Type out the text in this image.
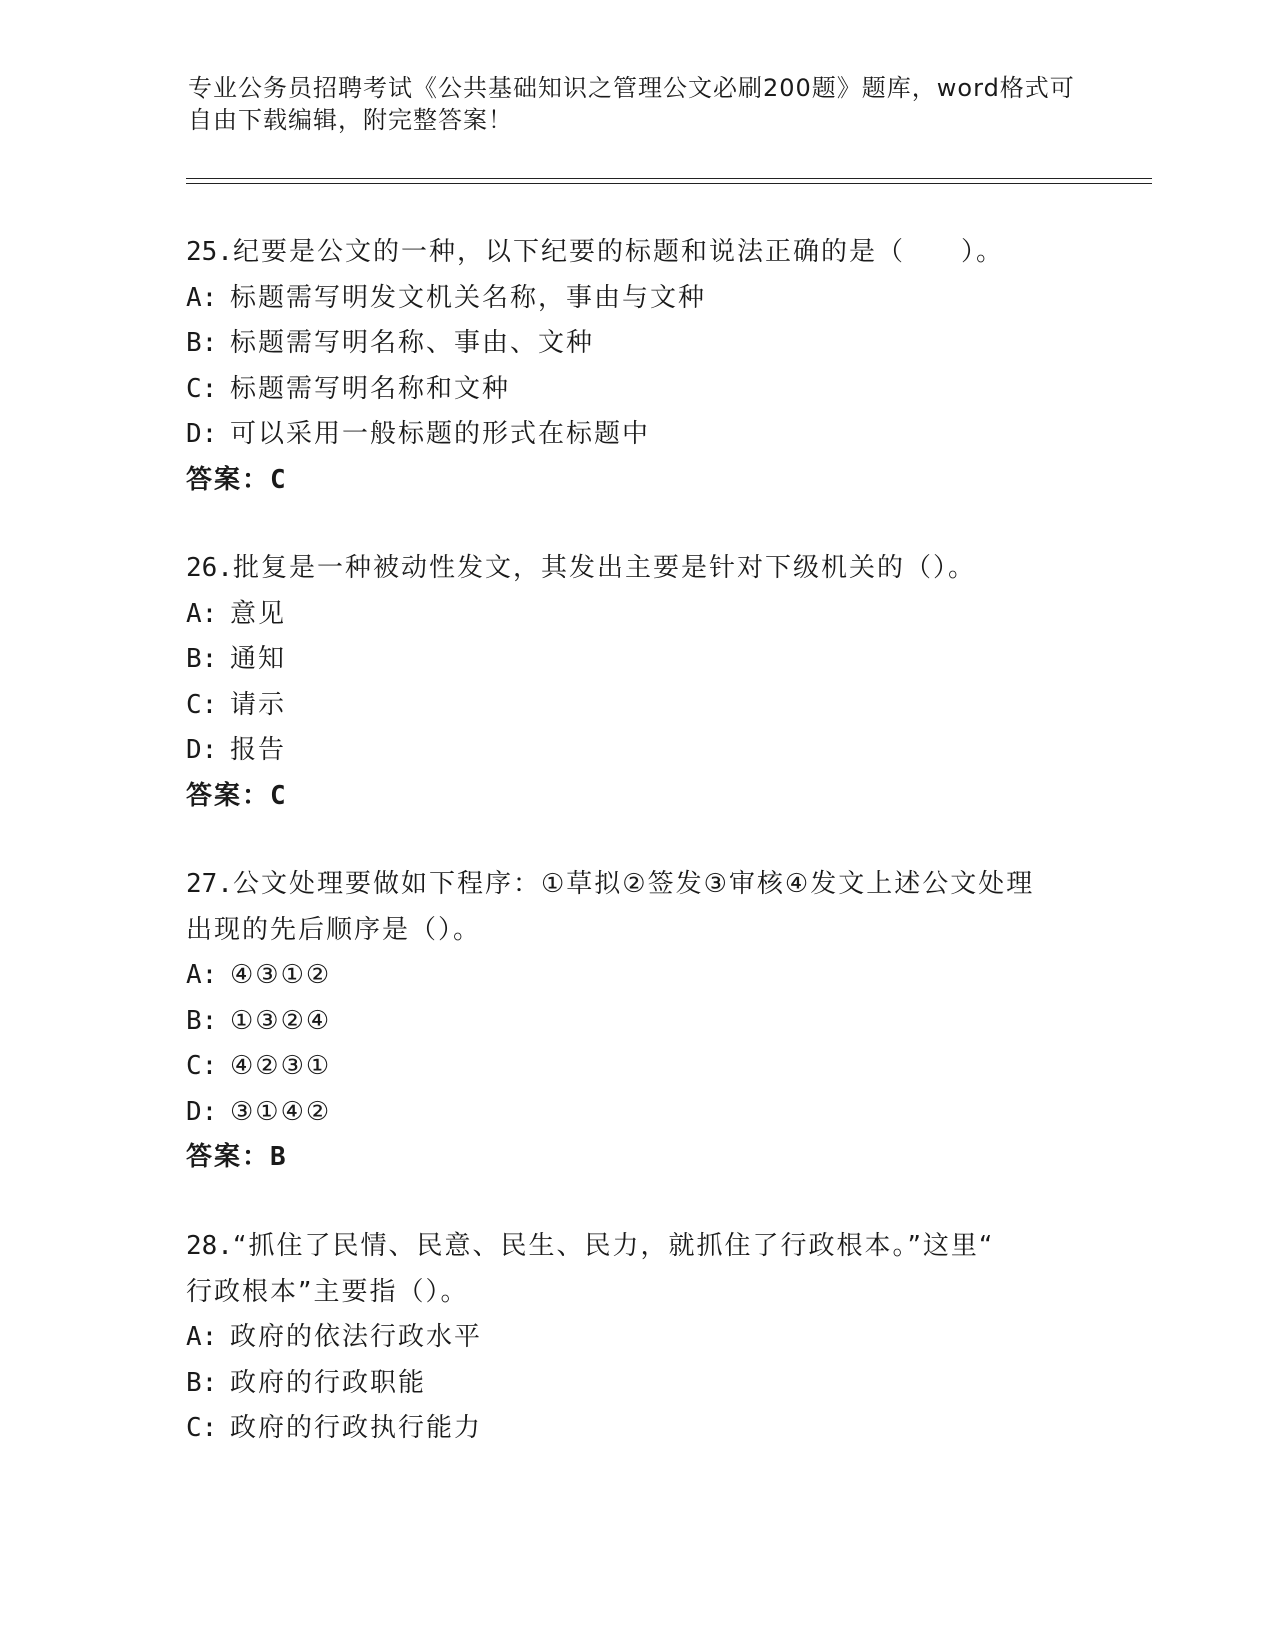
专业公务员招聘考试《公共基础知识之管理公文必刷200题》题库，word格式可
自由下载编辑，附完整答案！
25.纪要是公文的一种，以下纪要的标题和说法正确的是（　　）。
A: 标题需写明发文机关名称，事由与文种
B: 标题需写明名称、事由、文种
C: 标题需写明名称和文种
D: 可以采用一般标题的形式在标题中
答案：C
26.批复是一种被动性发文，其发出主要是针对下级机关的（）。
A: 意见
B: 通知
C: 请示
D: 报告
答案：C
27.公文处理要做如下程序：①草拟②签发③审核④发文上述公文处理
出现的先后顺序是（）。
A: ④③①②
B: ①③②④
C: ④②③①
D: ③①④②
答案：B
28.“抓住了民情、民意、民生、民力，就抓住了行政根本。”这里“
行政根本”主要指（）。
A: 政府的依法行政水平
B: 政府的行政职能
C: 政府的行政执行能力
